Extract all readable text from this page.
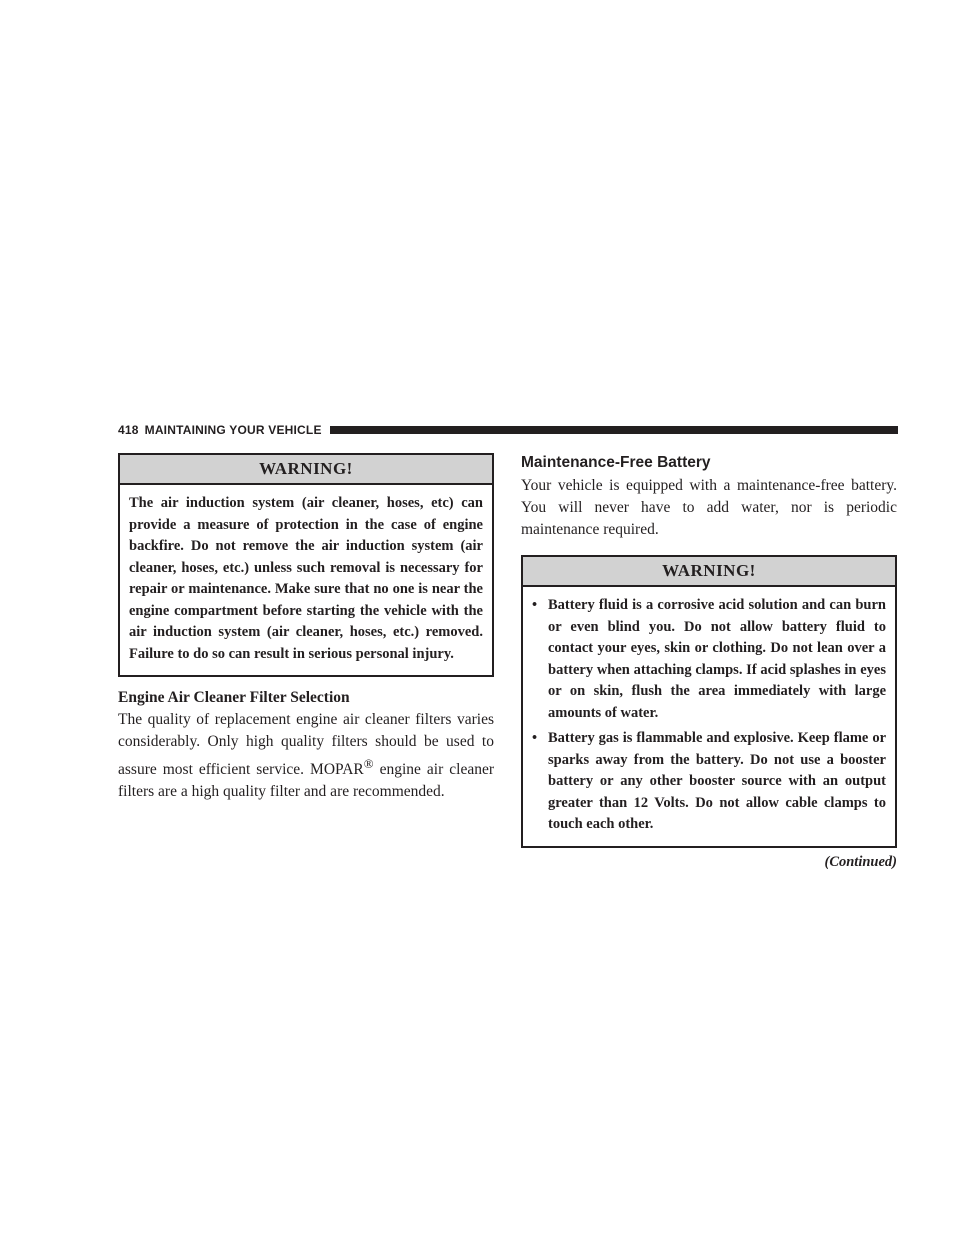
418 MAINTAINING YOUR VEHICLE
WARNING!
The air induction system (air cleaner, hoses, etc) can provide a measure of protection in the case of engine backfire. Do not remove the air induction system (air cleaner, hoses, etc.) unless such removal is necessary for repair or maintenance. Make sure that no one is near the engine compartment before starting the vehicle with the air induction system (air cleaner, hoses, etc.) removed. Failure to do so can result in serious personal injury.
Engine Air Cleaner Filter Selection

The quality of replacement engine air cleaner filters varies considerably. Only high quality filters should be used to assure most efficient service. MOPAR® engine air cleaner filters are a high quality filter and are recommended.

Maintenance-Free Battery

Your vehicle is equipped with a maintenance-free battery. You will never have to add water, nor is periodic maintenance required.

WARNING!
• Battery fluid is a corrosive acid solution and can burn or even blind you. Do not allow battery fluid to contact your eyes, skin or clothing. Do not lean over a battery when attaching clamps. If acid splashes in eyes or on skin, flush the area immediately with large amounts of water.
• Battery gas is flammable and explosive. Keep flame or sparks away from the battery. Do not use a booster battery or any other booster source with an output greater than 12 Volts. Do not allow cable clamps to touch each other.
(Continued)
